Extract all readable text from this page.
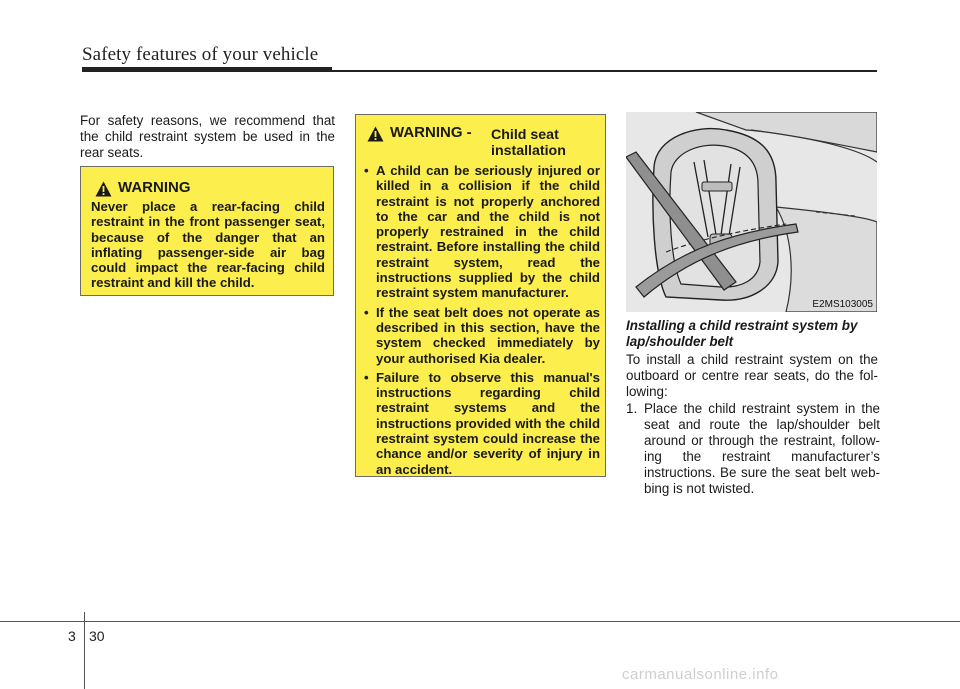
Safety features of your vehicle

For safety reasons, we recommend that the child restraint system be used in the rear seats.

WARNING
Never place a rear-facing child restraint in the front passenger seat, because of the danger that an inflating passenger-side air bag could impact the rear-facing child restraint and kill the child.
WARNING - Child seat installation
• A child can be seriously injured or killed in a collision if the child restraint is not properly anchored to the car and the child is not properly restrained in the child restraint. Before installing the child restraint system, read the instructions supplied by the child restraint system manufacturer.
• If the seat belt does not operate as described in this section, have the system checked immediately by your authorised Kia dealer.
• Failure to observe this manual's instructions regarding child restraint systems and the instructions provided with the child restraint system could increase the chance and/or severity of injury in an accident.
E2MS103005
Installing a child restraint system by lap/shoulder belt

To install a child restraint system on the outboard or centre rear seats, do the fol-lowing:

1. Place the child restraint system in the seat and route the lap/shoulder belt around or through the restraint, follow-ing the restraint manufacturer’s instructions. Be sure the seat belt web-bing is not twisted.
3 30
carmanualsonline.info
